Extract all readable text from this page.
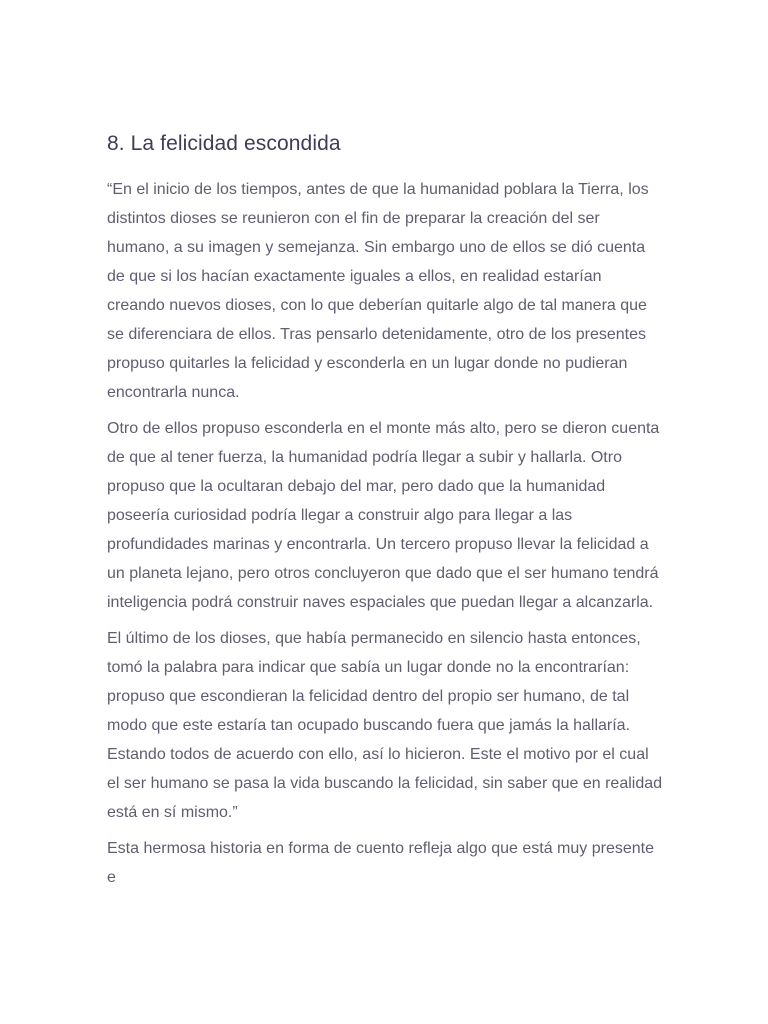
8. La felicidad escondida

“En el inicio de los tiempos, antes de que la humanidad poblara la Tierra, los distintos dioses se reunieron con el fin de preparar la creación del ser humano, a su imagen y semejanza. Sin embargo uno de ellos se dió cuenta de que si los hacían exactamente iguales a ellos, en realidad estarían creando nuevos dioses, con lo que deberían quitarle algo de tal manera que se diferenciara de ellos. Tras pensarlo detenidamente, otro de los presentes propuso quitarles la felicidad y esconderla en un lugar donde no pudieran encontrarla nunca.

Otro de ellos propuso esconderla en el monte más alto, pero se dieron cuenta de que al tener fuerza, la humanidad podría llegar a subir y hallarla. Otro propuso que la ocultaran debajo del mar, pero dado que la humanidad poseería curiosidad podría llegar a construir algo para llegar a las profundidades marinas y encontrarla. Un tercero propuso llevar la felicidad a un planeta lejano, pero otros concluyeron que dado que el ser humano tendrá inteligencia podrá construir naves espaciales que puedan llegar a alcanzarla.

El último de los dioses, que había permanecido en silencio hasta entonces, tomó la palabra para indicar que sabía un lugar donde no la encontrarían: propuso que escondieran la felicidad dentro del propio ser humano, de tal modo que este estaría tan ocupado buscando fuera que jamás la hallaría. Estando todos de acuerdo con ello, así lo hicieron. Este el motivo por el cual el ser humano se pasa la vida buscando la felicidad, sin saber que en realidad está en sí mismo.”

Esta hermosa historia en forma de cuento refleja algo que está muy presente e
